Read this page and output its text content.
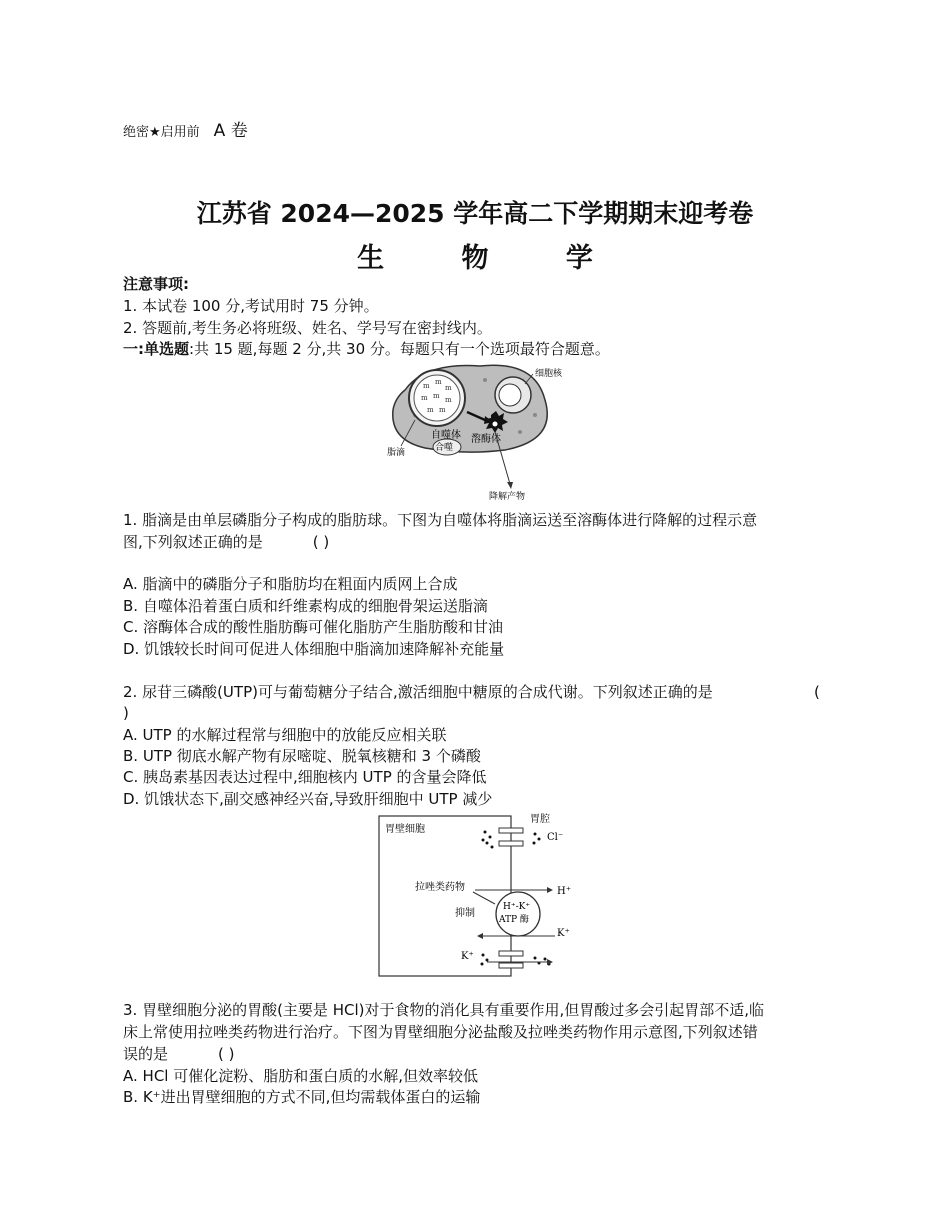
绝密★启用前 A 卷
江苏省 2024—2025 学年高二下学期期末迎考卷
生 物 学
注意事项:
1. 本试卷 100 分,考试用时 75 分钟。
2. 答题前,考生务必将班级、姓名、学号写在密封线内。
一:单选题:共 15 题,每题 2 分,共 30 分。每题只有一个选项最符合题意。
m m
m
m m m
m m
合噬
自噬体 溶酶体
细胞核
脂滴
降解产物
1. 脂滴是由单层磷脂分子构成的脂肪球。下图为自噬体将脂滴运送至溶酶体进行降解的过程示意
图,下列叙述正确的是	( )
A. 脂滴中的磷脂分子和脂肪均在粗面内质网上合成
B. 自噬体沿着蛋白质和纤维素构成的细胞骨架运送脂滴
C. 溶酶体合成的酸性脂肪酶可催化脂肪产生脂肪酸和甘油
D. 饥饿较长时间可促进人体细胞中脂滴加速降解补充能量
2. 尿苷三磷酸(UTP)可与葡萄糖分子结合,激活细胞中糖原的合成代谢。下列叙述正确的是	(
)
A. UTP 的水解过程常与细胞中的放能反应相关联
B. UTP 彻底水解产物有尿嘧啶、脱氧核糖和 3 个磷酸
C. 胰岛素基因表达过程中,细胞核内 UTP 的含量会降低
D. 饥饿状态下,副交感神经兴奋,导致肝细胞中 UTP 减少
胃壁细胞
胃腔
Cl⁻
拉唑类药物
抑制
H⁺-K⁺
ATP 酶
H⁺
K⁺
K⁺
3. 胃壁细胞分泌的胃酸(主要是 HCl)对于食物的消化具有重要作用,但胃酸过多会引起胃部不适,临
床上常使用拉唑类药物进行治疗。下图为胃壁细胞分泌盐酸及拉唑类药物作用示意图,下列叙述错
误的是	( )
A. HCl 可催化淀粉、脂肪和蛋白质的水解,但效率较低
B. K⁺进出胃壁细胞的方式不同,但均需载体蛋白的运输
